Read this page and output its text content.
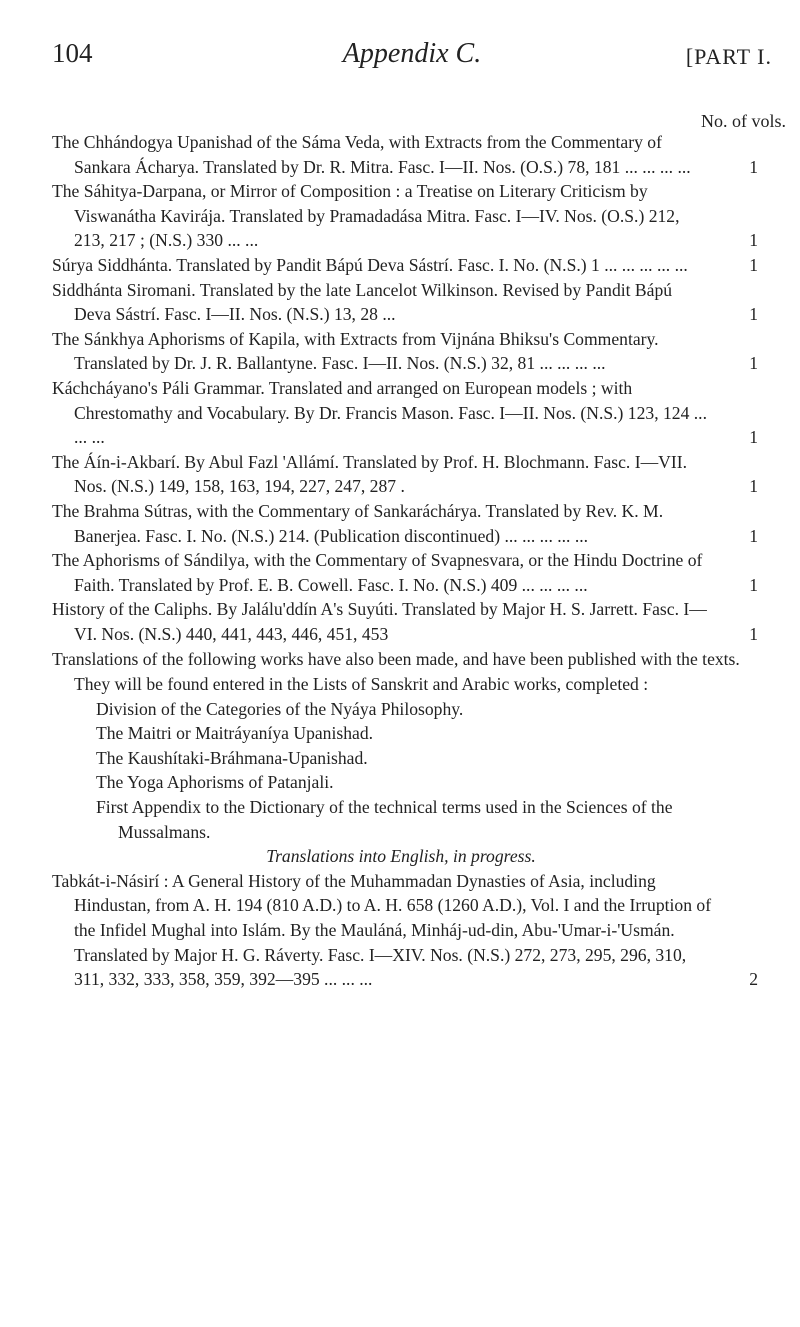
104	Appendix C.	[PART I.
No. of vols.
The Chhándogya Upanishad of the Sáma Veda, with Extracts from the Commentary of Sankara Ácharya. Translated by Dr. R. Mitra. Fasc. I—II. Nos. (O.S.) 78, 181 ... ... ... ...	1
The Sáhitya-Darpana, or Mirror of Composition : a Treatise on Literary Criticism by Viswanátha Kavirája. Translated by Pramadadása Mitra. Fasc. I—IV. Nos. (O.S.) 212, 213, 217 ; (N.S.) 330 ... ...	1
Súrya Siddhánta. Translated by Pandit Bápú Deva Sástrí. Fasc. I. No. (N.S.) 1 ... ... ... ... ...	1
Siddhánta Siromani. Translated by the late Lancelot Wilkinson. Revised by Pandit Bápú Deva Sástrí. Fasc. I—II. Nos. (N.S.) 13, 28 ...	1
The Sánkhya Aphorisms of Kapila, with Extracts from Vijnána Bhiksu's Commentary. Translated by Dr. J. R. Ballantyne. Fasc. I—II. Nos. (N.S.) 32, 81 ... ... ... ...	1
Káchcháyano's Páli Grammar. Translated and arranged on European models ; with Chrestomathy and Vocabulary. By Dr. Francis Mason. Fasc. I—II. Nos. (N.S.) 123, 124 ... ... ...	1
The Áín-i-Akbarí. By Abul Fazl 'Allámí. Translated by Prof. H. Blochmann. Fasc. I—VII. Nos. (N.S.) 149, 158, 163, 194, 227, 247, 287 .	1
The Brahma Sútras, with the Commentary of Sankaráchárya. Translated by Rev. K. M. Banerjea. Fasc. I. No. (N.S.) 214. (Publication discontinued) ... ... ... ... ...	1
The Aphorisms of Sándilya, with the Commentary of Svapnesvara, or the Hindu Doctrine of Faith. Translated by Prof. E. B. Cowell. Fasc. I. No. (N.S.) 409 ... ... ... ...	1
History of the Caliphs. By Jalálu'ddín A's Suyúti. Translated by Major H. S. Jarrett. Fasc. I—VI. Nos. (N.S.) 440, 441, 443, 446, 451, 453	1
Translations of the following works have also been made, and have been published with the texts. They will be found entered in the Lists of Sanskrit and Arabic works, completed :
Division of the Categories of the Nyáya Philosophy.
The Maitri or Maitráyaníya Upanishad.
The Kaushítaki-Bráhmana-Upanishad.
The Yoga Aphorisms of Patanjali.
First Appendix to the Dictionary of the technical terms used in the Sciences of the Mussalmans.
Translations into English, in progress.
Tabkát-i-Násirí : A General History of the Muhammadan Dynasties of Asia, including Hindustan, from A. H. 194 (810 A.D.) to A. H. 658 (1260 A.D.), Vol. I and the Irruption of the Infidel Mughal into Islám. By the Mauláná, Minháj-ud-din, Abu-'Umar-i-'Usmán. Translated by Major H. G. Ráverty. Fasc. I—XIV. Nos. (N.S.) 272, 273, 295, 296, 310, 311, 332, 333, 358, 359, 392—395 ... ... ...	2
